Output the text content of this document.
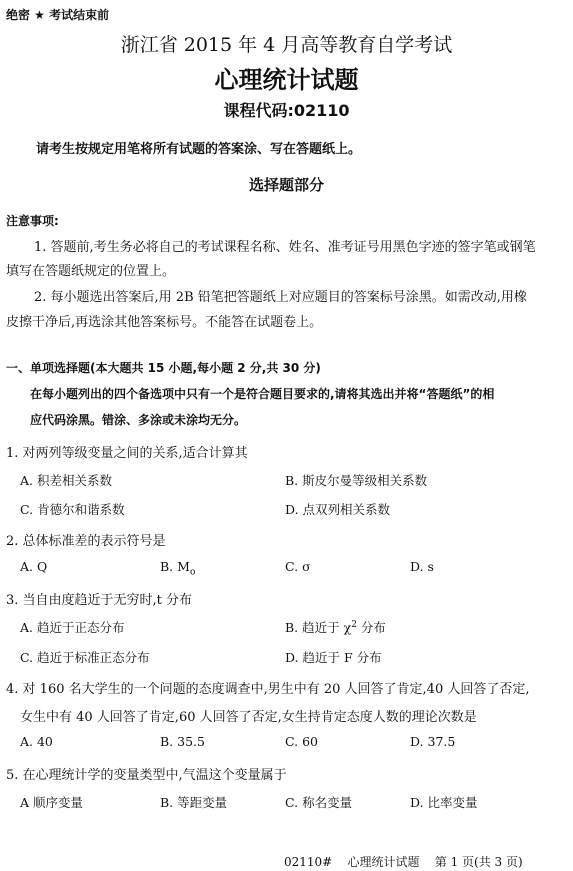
绝密 ★ 考试结束前
浙江省 2015 年 4 月高等教育自学考试
心理统计试题
课程代码:02110
请考生按规定用笔将所有试题的答案涂、写在答题纸上。
选择题部分
注意事项:
1. 答题前,考生务必将自己的考试课程名称、姓名、准考证号用黑色字迹的签字笔或钢笔
填写在答题纸规定的位置上。
2. 每小题选出答案后,用 2B 铅笔把答题纸上对应题目的答案标号涂黑。如需改动,用橡
皮擦干净后,再选涂其他答案标号。不能答在试题卷上。
一、单项选择题(本大题共 15 小题,每小题 2 分,共 30 分)
在每小题列出的四个备选项中只有一个是符合题目要求的,请将其选出并将“答题纸”的相
应代码涂黑。错涂、多涂或未涂均无分。
1. 对两列等级变量之间的关系,适合计算其
A. 积差相关系数	B. 斯皮尔曼等级相关系数
C. 肯德尔和谐系数	D. 点双列相关系数
2. 总体标准差的表示符号是
A. Q	B. $M_o$	C. σ	D. s
3. 当自由度趋近于无穷时,t 分布
A. 趋近于正态分布	B. 趋近于 $\chi^2$ 分布
C. 趋近于标准正态分布	D. 趋近于 F 分布
4. 对 160 名大学生的一个问题的态度调查中,男生中有 20 人回答了肯定,40 人回答了否定,
女生中有 40 人回答了肯定,60 人回答了否定,女生持肯定态度人数的理论次数是
A. 40	B. 35.5	C. 60	D. 37.5
5. 在心理统计学的变量类型中,气温这个变量属于
A 顺序变量	B. 等距变量	C. 称名变量	D. 比率变量
02110# 心理统计试题 第 1 页(共 3 页)
